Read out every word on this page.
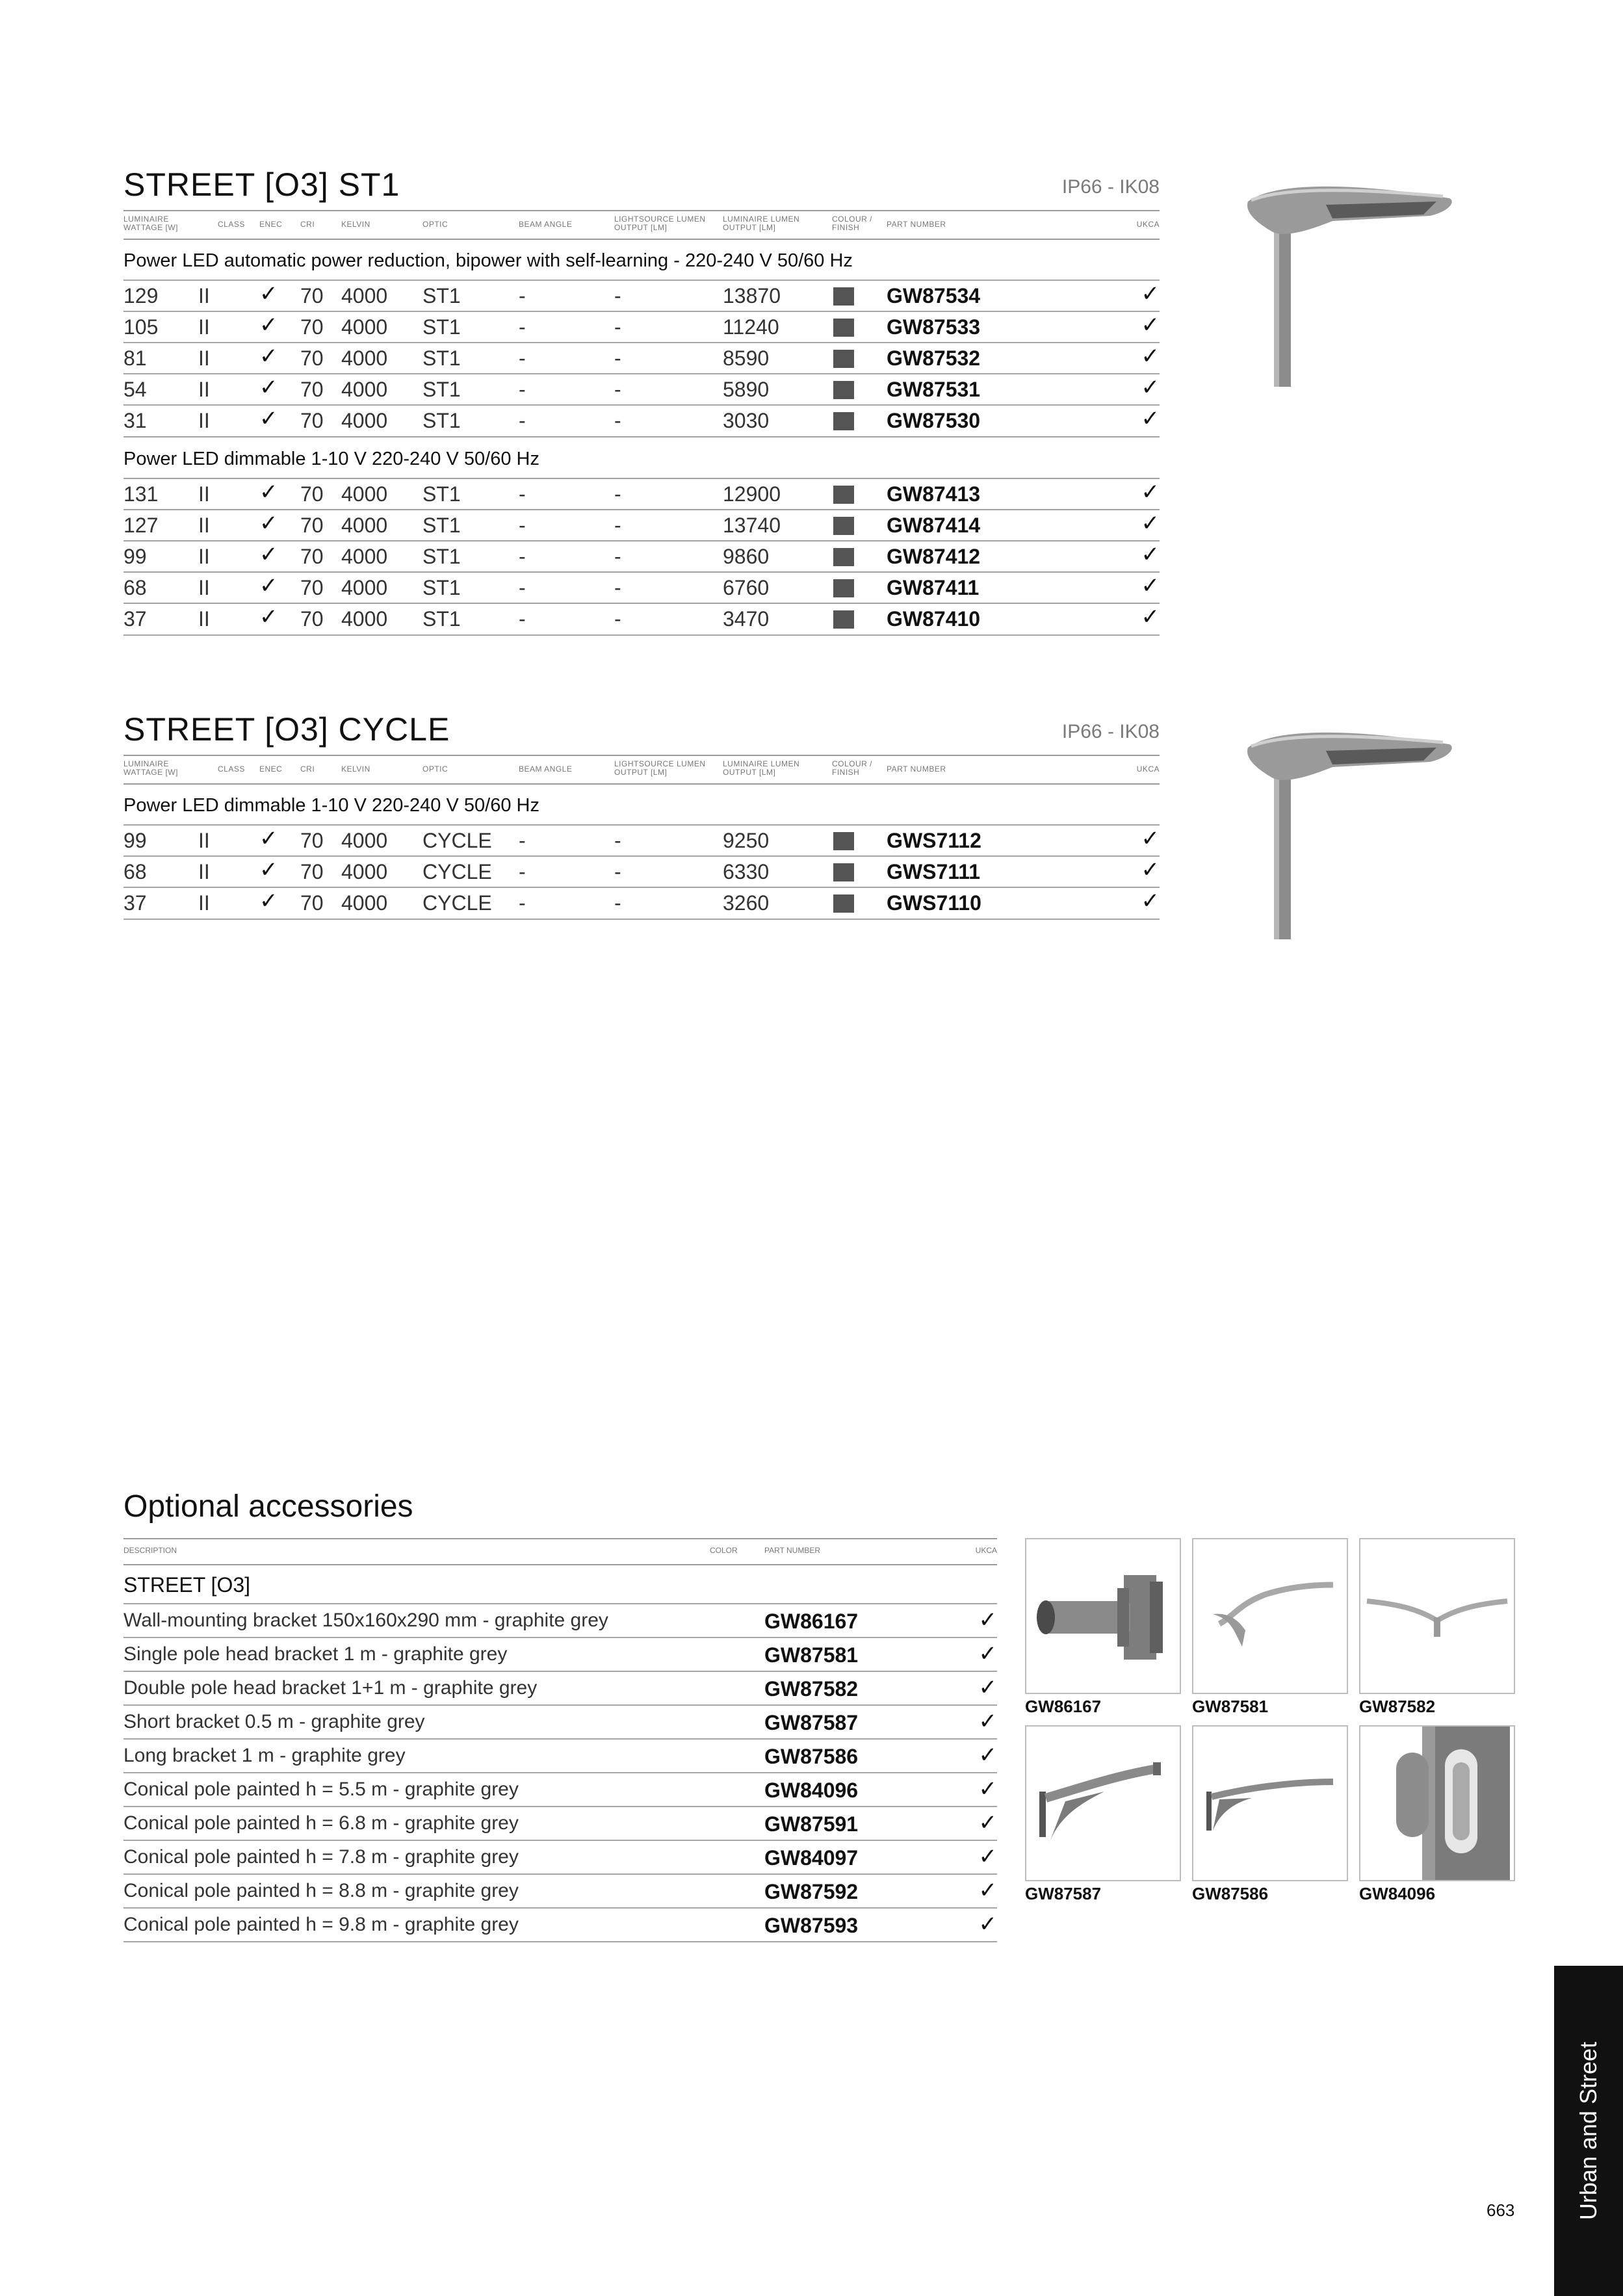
STREET [O3] ST1	IP66 - IK08
LUMINAIRE
WATTAGE [W]	CLASS ENEC CRI	KELVIN	OPTIC	BEAM ANGLE
LIGHTSOURCE LUMEN
OUTPUT [LM]
LUMINAIRE LUMEN
OUTPUT [LM]
COLOUR /
FINISH	PART NUMBER	UKCA
Power LED automatic power reduction, bipower with self-learning - 220-240 V 50/60 Hz
129 II ✓ 70 4000 ST1	-	-	13870	GW87534	✓
105 II ✓ 70 4000 ST1	-	-	11240	GW87533	✓
81 II ✓ 70 4000 ST1	-	-	8590	GW87532	✓
54 II ✓ 70 4000 ST1	-	-	5890	GW87531	✓
31 II ✓ 70 4000 ST1	-	-	3030	GW87530	✓
Power LED dimmable 1-10 V 220-240 V 50/60 Hz
131 II ✓ 70 4000 ST1	-	-	12900	GW87413	✓
127 II ✓ 70 4000 ST1	-	-	13740	GW87414	✓
99 II ✓ 70 4000 ST1	-	-	9860	GW87412	✓
68 II ✓ 70 4000 ST1	-	-	6760	GW87411	✓
37 II ✓ 70 4000 ST1	-	-	3470	GW87410	✓
STREET [O3] CYCLE	IP66 - IK08
LUMINAIRE
WATTAGE [W]	CLASS ENEC CRI	KELVIN	OPTIC	BEAM ANGLE
LIGHTSOURCE LUMEN
OUTPUT [LM]
LUMINAIRE LUMEN
OUTPUT [LM]
COLOUR /
FINISH	PART NUMBER	UKCA
Power LED dimmable 1-10 V 220-240 V 50/60 Hz
99 II ✓ 70 4000 CYCLE -	-	9250	GWS7112	✓
68 II ✓ 70 4000 CYCLE -	-	6330	GWS7111	✓
37 II ✓ 70 4000 CYCLE -	-	3260	GWS7110	✓
Optional accessories
DESCRIPTION	COLOR	PART NUMBER	UKCA
STREET [O3]
Wall-mounting bracket 150x160x290 mm - graphite grey	GW86167	✓
Single pole head bracket 1 m - graphite grey	GW87581	✓
Double pole head bracket 1+1 m - graphite grey	GW87582	✓
Short bracket 0.5 m - graphite grey	GW87587	✓
Long bracket 1 m - graphite grey	GW87586	✓
Conical pole painted h = 5.5 m - graphite grey	GW84096	✓
Conical pole painted h = 6.8 m - graphite grey	GW87591	✓
Conical pole painted h = 7.8 m - graphite grey	GW84097	✓
Conical pole painted h = 8.8 m - graphite grey	GW87592	✓
Conical pole painted h = 9.8 m - graphite grey	GW87593	✓
GW86167	GW87581	GW87582
GW87587	GW87586	GW84096
Urban and Street
663
